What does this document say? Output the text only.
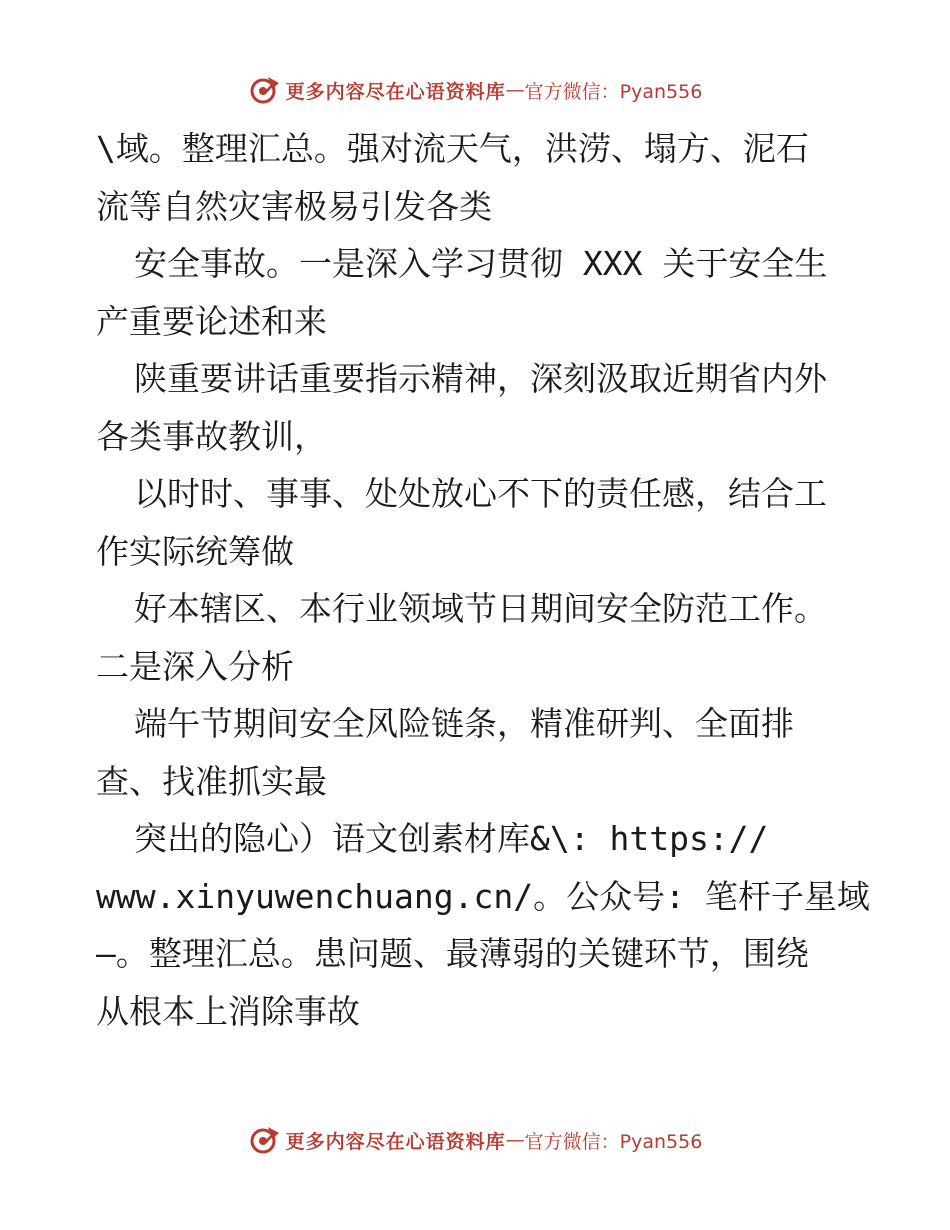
更多内容尽在心语资料库 — 官方微信：Pyan556
\域。整理汇总。强对流天气，洪涝、塌方、泥石
流等自然灾害极易引发各类
安全事故。一是深入学习贯彻 XXX 关于安全生
产重要论述和来
陕重要讲话重要指示精神，深刻汲取近期省内外
各类事故教训，
以时时、事事、处处放心不下的责任感，结合工
作实际统筹做
好本辖区、本行业领域节日期间安全防范工作。
二是深入分析
端午节期间安全风险链条，精准研判、全面排
查、找准抓实最
突出的隐心）语文创素材库&\: https://
www.xinyuwenchuang.cn/。公众号: 笔杆子星域
—。整理汇总。患问题、最薄弱的关键环节，围绕
从根本上消除事故
更多内容尽在心语资料库 — 官方微信：Pyan556
